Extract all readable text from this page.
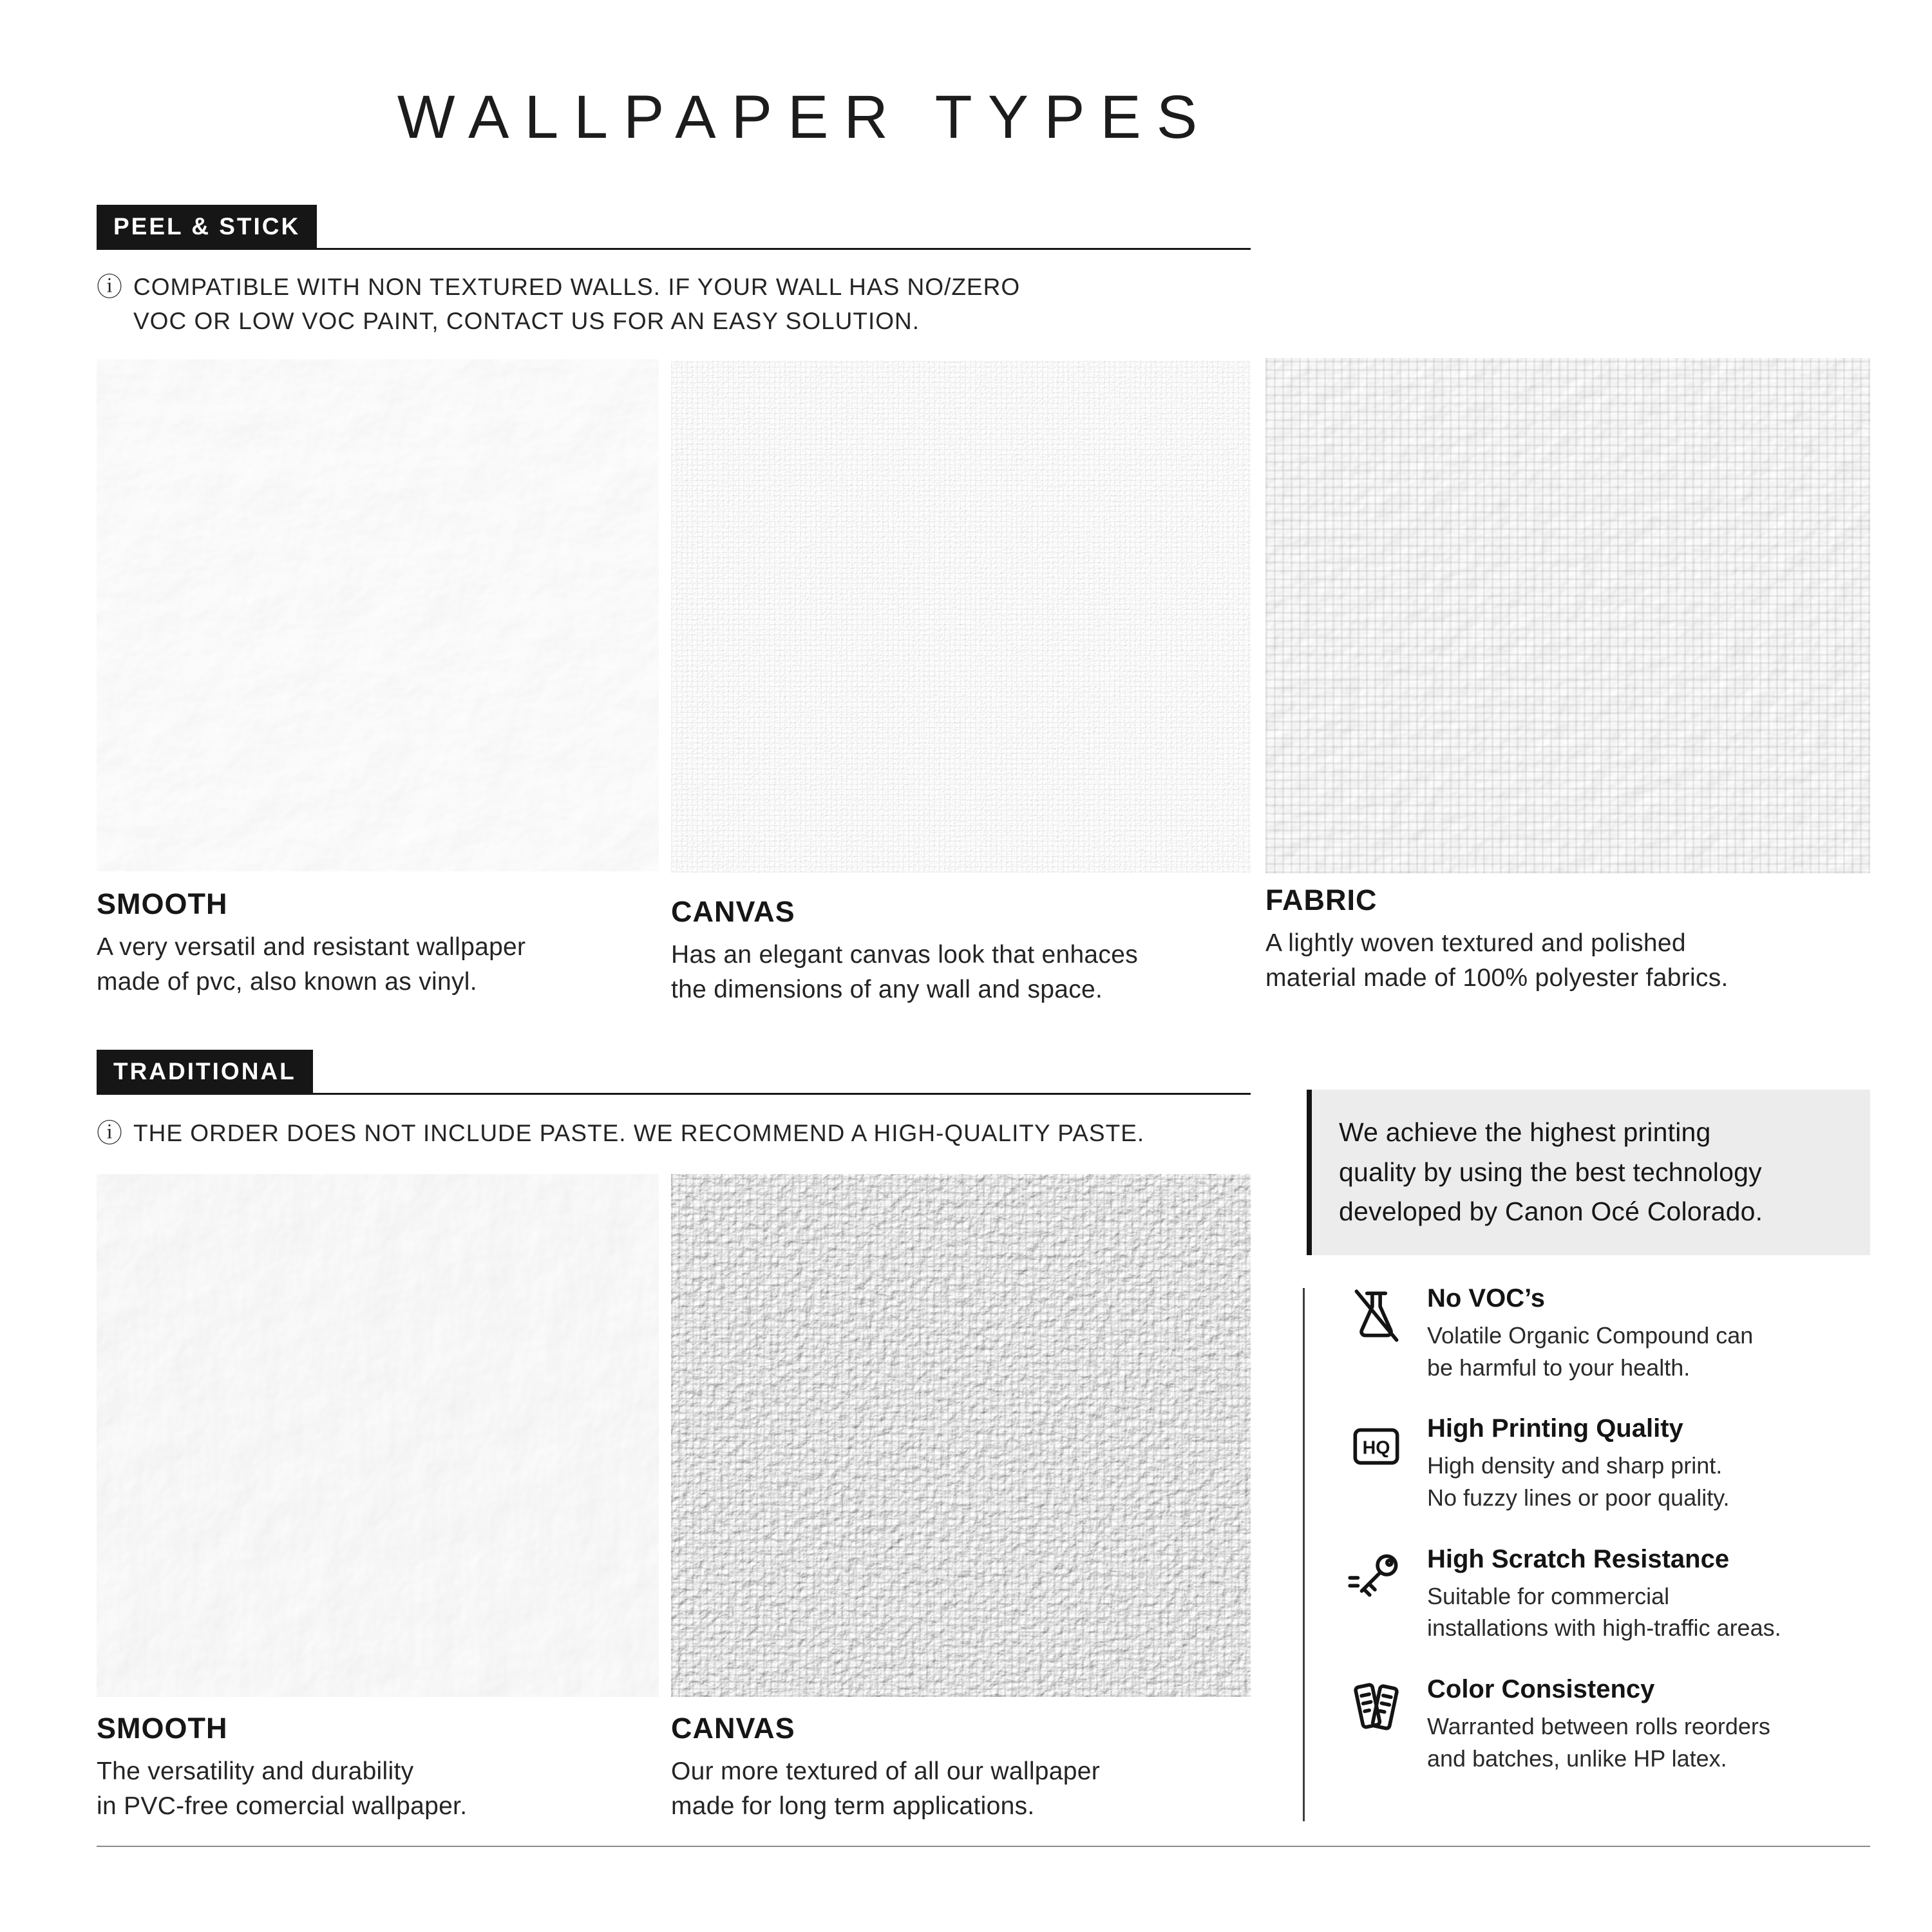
WALLPAPER TYPES
PEEL & STICK
ⓘ COMPATIBLE WITH NON TEXTURED WALLS. IF YOUR WALL HAS NO/ZERO
VOC OR LOW VOC PAINT, CONTACT US FOR AN EASY SOLUTION.
SMOOTH

A very versatil and resistant wallpaper

made of pvc, also known as vinyl.

CANVAS

Has an elegant canvas look that enhaces

the dimensions of any wall and space.

FABRIC

A lightly woven textured and polished

material made of 100% polyester fabrics.

TRADITIONAL
ⓘ THE ORDER DOES NOT INCLUDE PASTE. WE RECOMMEND A HIGH-QUALITY PASTE.
SMOOTH

The versatility and durability

in PVC-free comercial wallpaper.

CANVAS

Our more textured of all our wallpaper

made for long term applications.

We achieve the highest printing
quality by using the best technology
developed by Canon Océ Colorado.
No VOC’s

Volatile Organic Compound can

be harmful to your health.

HQ
High Printing Quality

High density and sharp print.

No fuzzy lines or poor quality.

High Scratch Resistance

Suitable for commercial

installations with high-traffic areas.

Color Consistency

Warranted between rolls reorders

and batches, unlike HP latex.
